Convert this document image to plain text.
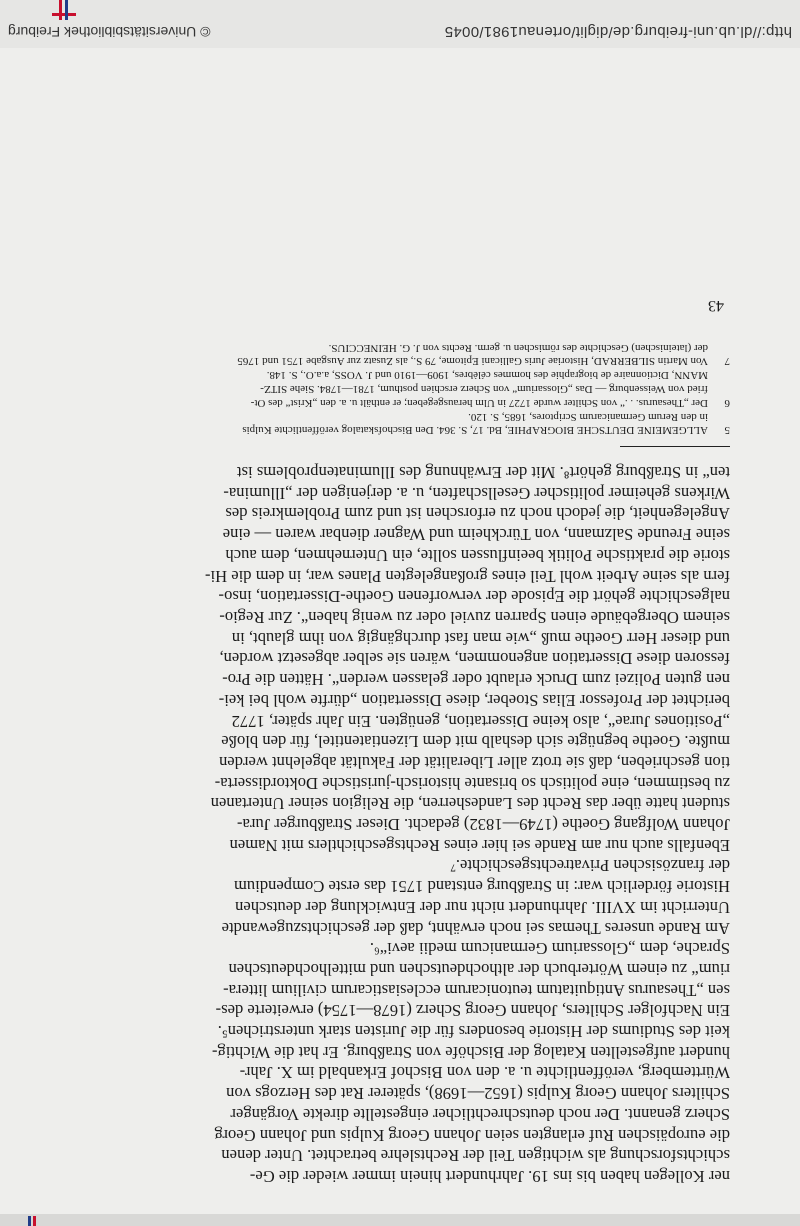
ner Kollegen haben bis ins 19. Jahrhundert hinein immer wieder die Ge-
schichtsforschung als wichtigen Teil der Rechtslehre betrachtet. Unter denen
die europäischen Ruf erlangten seien Johann Georg Kulpis und Johann Georg
Scherz genannt. Der noch deutschrechtlicher eingestellte direkte Vorgänger
Schilters Johann Georg Kulpis (1652—1698), späterer Rat des Herzogs von
Württemberg, veröffentlichte u. a. den von Bischof Erkanbald im X. Jahr-
hundert aufgestellten Katalog der Bischöfe von Straßburg. Er hat die Wichtig-
keit des Studiums der Historie besonders für die Juristen stark unterstrichen⁵.
Ein Nachfolger Schilters, Johann Georg Scherz (1678—1754) erweiterte des-
sen „Thesaurus Antiquitatum teutonicarum ecclesiasticarum civilium littera-
rium“ zu einem Wörterbuch der althochdeutschen und mittelhochdeutschen
Sprache, dem „Glossarium Germanicum medii aevi“⁶.

Am Rande unseres Themas sei noch erwähnt, daß der geschichtszugewandte
Unterricht im XVIII. Jahrhundert nicht nur der Entwicklung der deutschen
Historie förderlich war: in Straßburg entstand 1751 das erste Compendium
der französischen Privatrechtsgeschichte.⁷

Ebenfalls auch nur am Rande sei hier eines Rechtsgeschichtlers mit Namen
Johann Wolfgang Goethe (1749—1832) gedacht. Dieser Straßburger Jura-
student hatte über das Recht des Landesherren, die Religion seiner Untertanen
zu bestimmen, eine politisch so brisante historisch-juristische Doktordisserta-
tion geschrieben, daß sie trotz aller Liberalität der Fakultät abgelehnt werden
mußte. Goethe begnügte sich deshalb mit dem Lizentiatentitel, für den bloße
„Positiones Jurae“, also keine Dissertation, genügten. Ein Jahr später, 1772
berichtet der Professor Elias Stoeber, diese Dissertation „dürfte wohl bei kei-
nen guten Polizei zum Druck erlaubt oder gelassen werden“. Hätten die Pro-
fessoren diese Dissertation angenommen, wären sie selber abgesetzt worden,
und dieser Herr Goethe muß „wie man fast durchgängig von ihm glaubt, in
seinem Obergebäude einen Sparren zuviel oder zu wenig haben“. Zur Regio-
nalgeschichte gehört die Episode der verworfenen Goethe-Dissertation, inso-
fern als seine Arbeit wohl Teil eines großangelegten Planes war, in dem die Hi-
storie die praktische Politik beeinflussen sollte, ein Unternehmen, dem auch
seine Freunde Salzmann, von Türckheim und Wagner dienbar waren — eine
Angelegenheit, die jedoch noch zu erforschen ist und zum Problemkreis des
Wirkens geheimer politischer Gesellschaften, u. a. derjenigen der „Illumina-
ten“ in Straßburg gehört⁸. Mit der Erwähnung des Illuminatenproblems ist

5
ALLGEMEINE DEUTSCHE BIOGRAPHIE, Bd. 17, S. 364. Den Bischofskatalog veröffentlichte Kulpis
in den Rerum Germanicarum Scriptores, 1685, S. 120.
6
Der „Thesaurus. . .“ von Schilter wurde 1727 in Ulm herausgegeben; er enthält u. a. den „Krist“ des Ot-
fried von Weissenburg — Das „Glossarium“ von Scherz erschien posthum, 1781—1784. Siehe SITZ-
MANN, Dictionnaire de biographie des hommes célèbres, 1909—1910 und J. VOSS, a.a.O., S. 148.
7
Von Martin SILBERRAD, Historiae Juris Gallicani Epitome, 79 S., als Zusatz zur Ausgabe 1751 und 1765
der (lateinischen) Geschichte des römischen u. germ. Rechts von J. G. HEINECCIUS.
43
http://dl.ub.uni-freiburg.de/diglit/ortenau1981/0045
© Universitätsbibliothek Freiburg
